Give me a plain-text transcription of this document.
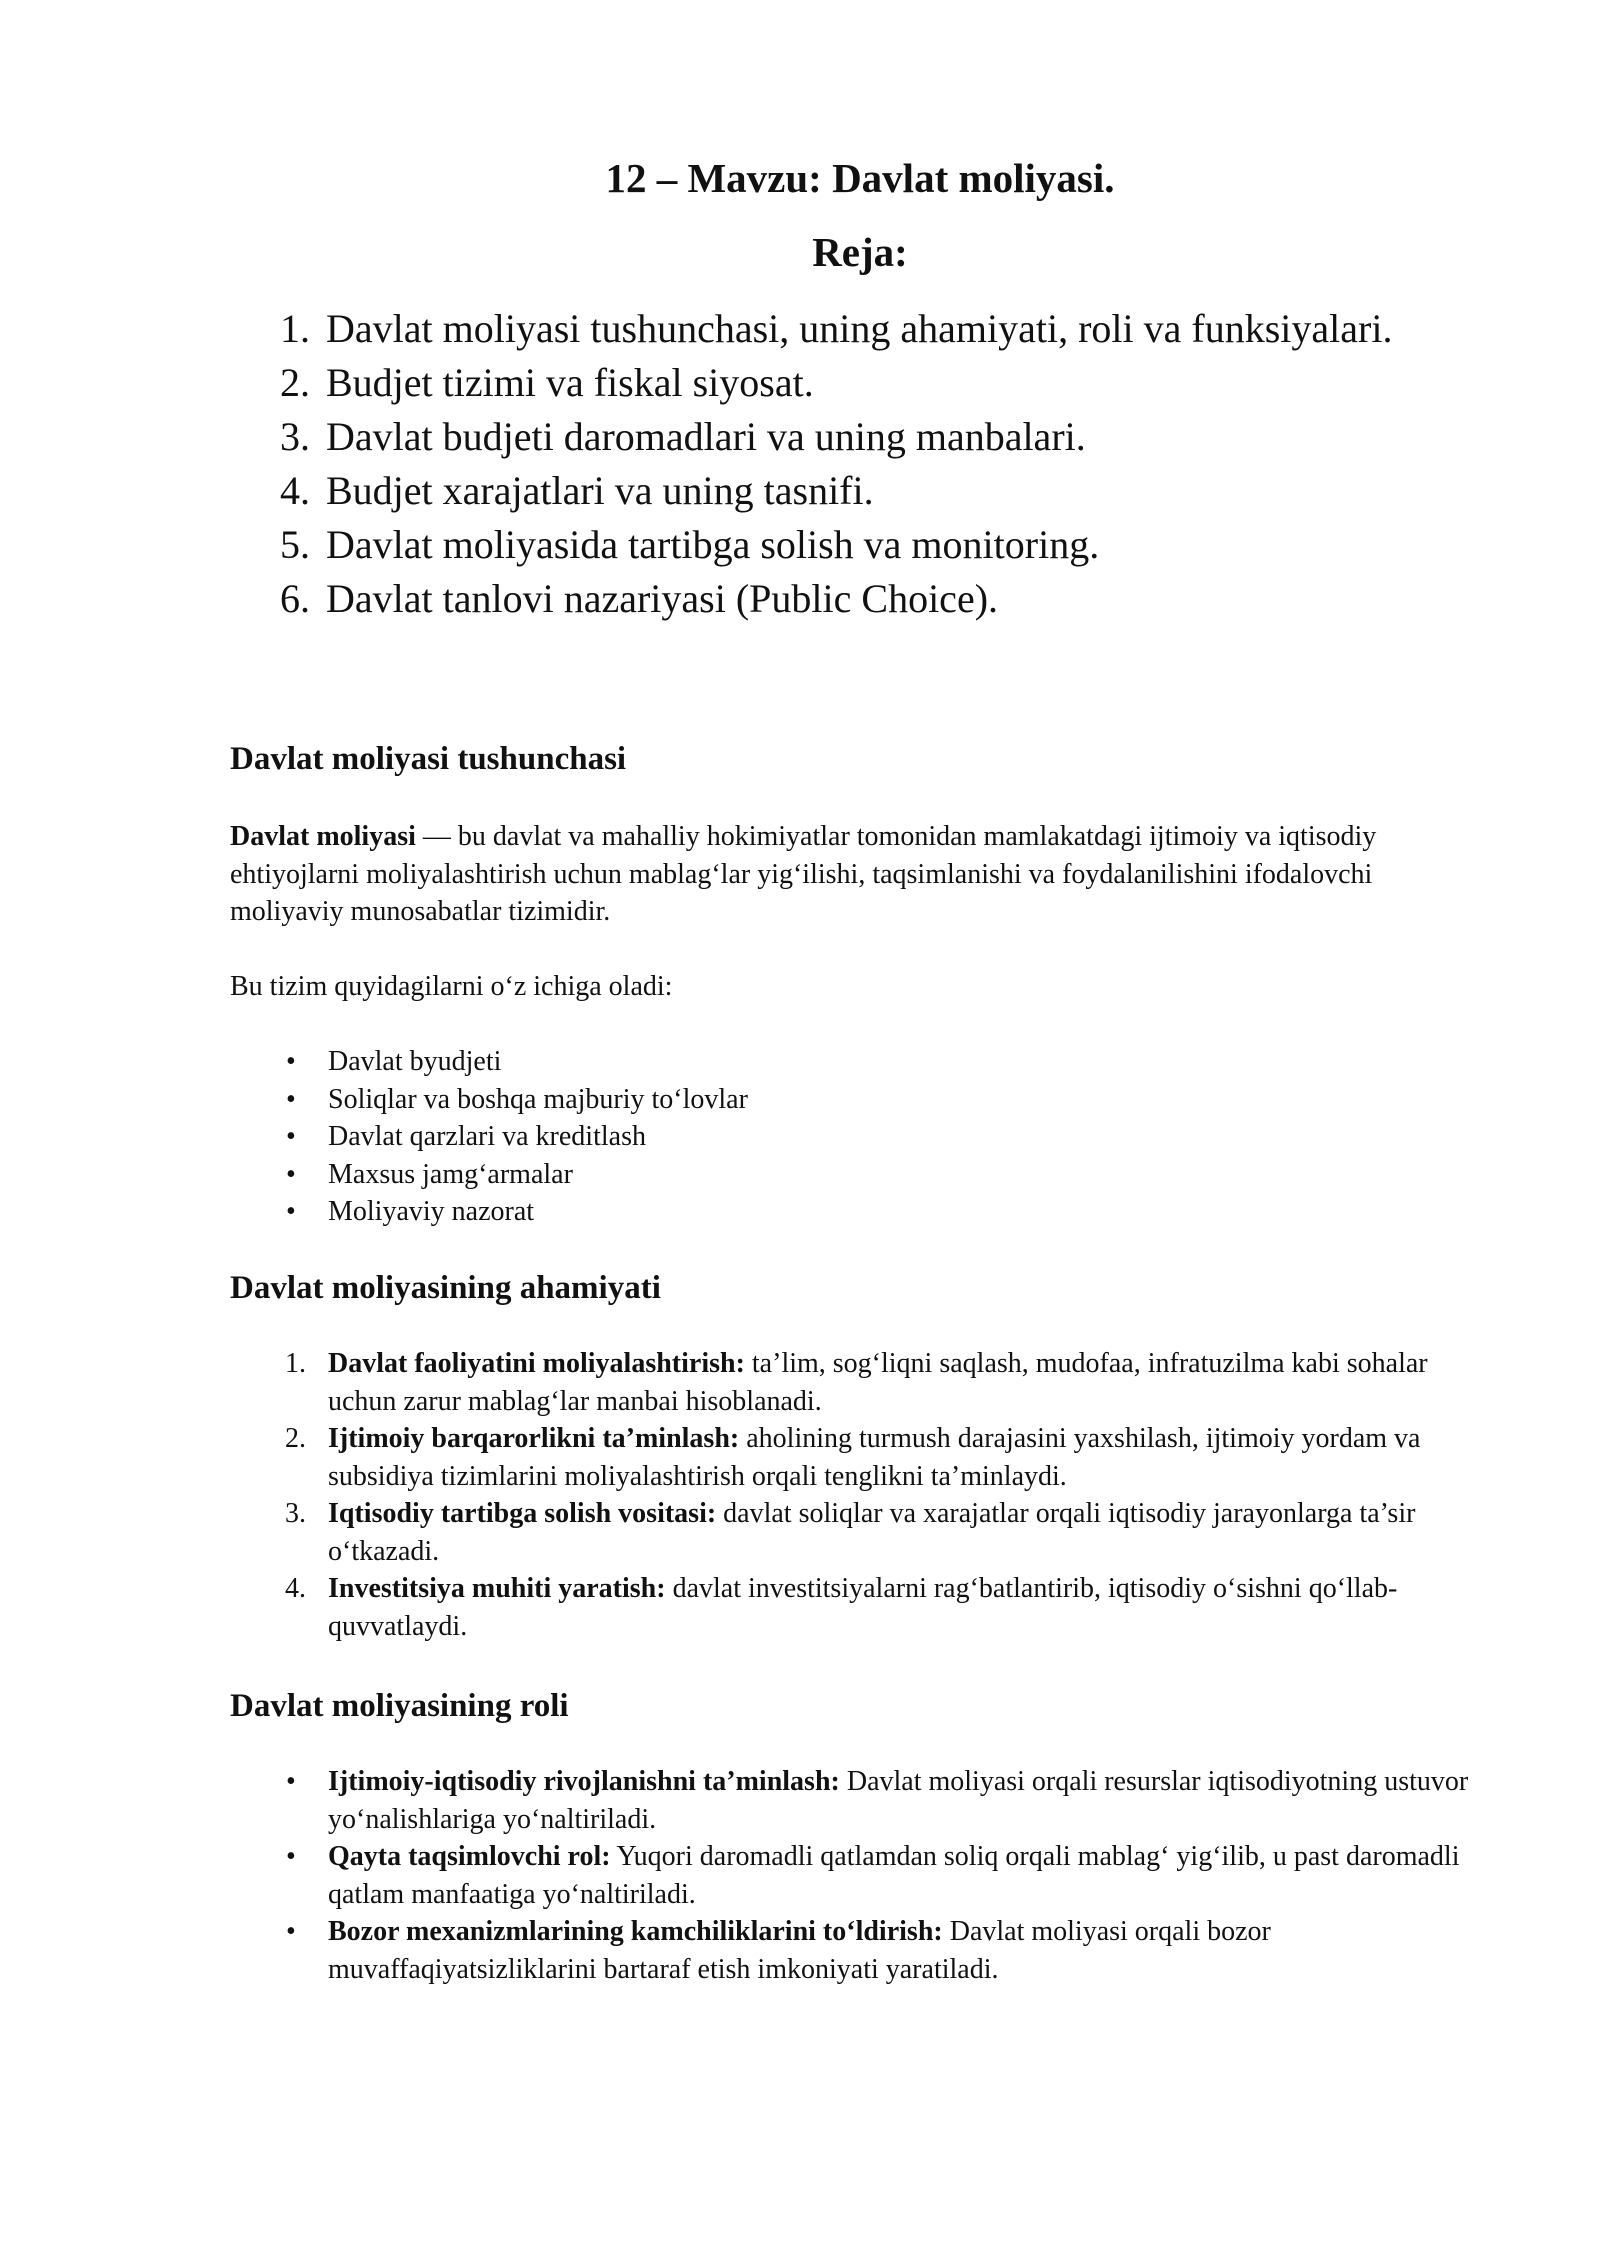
12 – Mavzu: Davlat moliyasi.
Reja:
1. Davlat moliyasi tushunchasi, uning ahamiyati, roli va funksiyalari.
2. Budjet tizimi va fiskal siyosat.
3. Davlat budjeti daromadlari va uning manbalari.
4. Budjet xarajatlari va uning tasnifi.
5. Davlat moliyasida tartibga solish va monitoring.
6. Davlat tanlovi nazariyasi (Public Choice).
Davlat moliyasi tushunchasi

Davlat moliyasi — bu davlat va mahalliy hokimiyatlar tomonidan mamlakatdagi ijtimoiy va iqtisodiy ehtiyojlarni moliyalashtirish uchun mablag‘lar yig‘ilishi, taqsimlanishi va foydalanilishini ifodalovchi moliyaviy munosabatlar tizimidir.

Bu tizim quyidagilarni o‘z ichiga oladi:

• Davlat byudjeti
• Soliqlar va boshqa majburiy to‘lovlar
• Davlat qarzlari va kreditlash
• Maxsus jamg‘armalar
• Moliyaviy nazorat
Davlat moliyasining ahamiyati
1. Davlat faoliyatini moliyalashtirish: ta’lim, sog‘liqni saqlash, mudofaa, infratuzilma kabi sohalar uchun zarur mablag‘lar manbai hisoblanadi.
2. Ijtimoiy barqarorlikni ta’minlash: aholining turmush darajasini yaxshilash, ijtimoiy yordam va subsidiya tizimlarini moliyalashtirish orqali tenglikni ta’minlaydi.
3. Iqtisodiy tartibga solish vositasi: davlat soliqlar va xarajatlar orqali iqtisodiy jarayonlarga ta’sir o‘tkazadi.
4. Investitsiya muhiti yaratish: davlat investitsiyalarni rag‘batlantirib, iqtisodiy o‘sishni qo‘llab-quvvatlaydi.
Davlat moliyasining roli
• Ijtimoiy-iqtisodiy rivojlanishni ta’minlash: Davlat moliyasi orqali resurslar iqtisodiyotning ustuvor yo‘nalishlariga yo‘naltiriladi.
• Qayta taqsimlovchi rol: Yuqori daromadli qatlamdan soliq orqali mablag‘ yig‘ilib, u past daromadli qatlam manfaatiga yo‘naltiriladi.
• Bozor mexanizmlarining kamchiliklarini to‘ldirish: Davlat moliyasi orqali bozor muvaffaqiyatsizliklarini bartaraf etish imkoniyati yaratiladi.
